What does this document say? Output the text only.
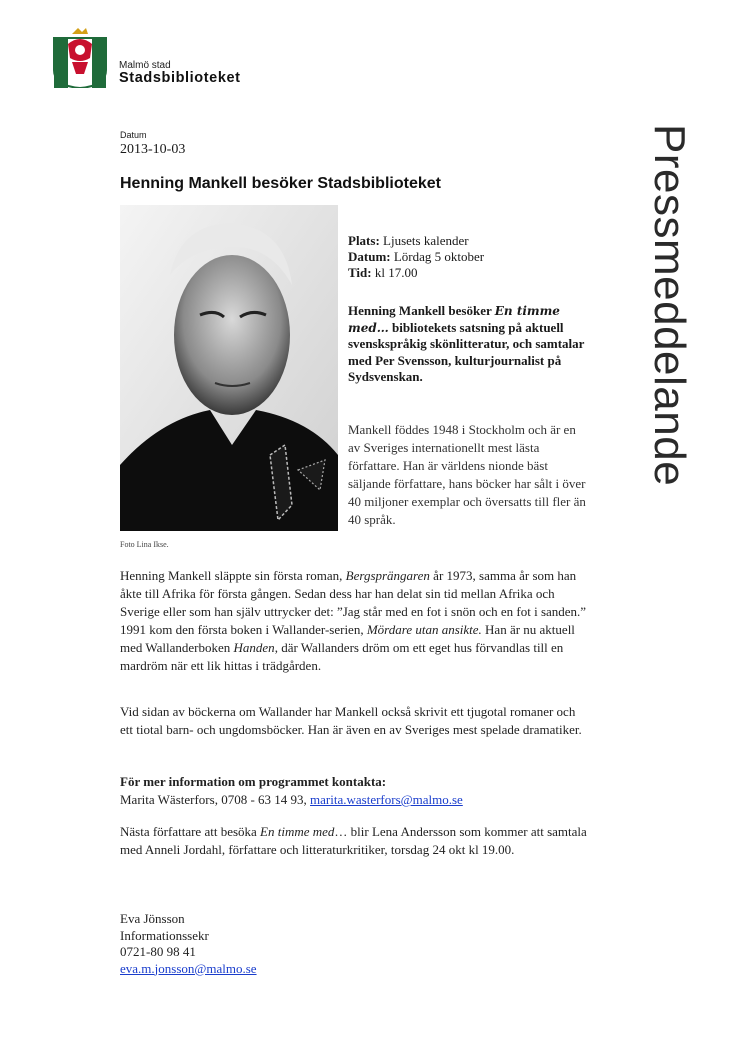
Malmö stad
Stadsbiblioteket
Pressmeddelande
Datum
2013-10-03
Henning Mankell besöker Stadsbiblioteket
Foto Lina Ikse.
Plats: Ljusets kalender
Datum: Lördag 5 oktober
Tid: kl 17.00
Henning Mankell besöker En timme med… bibliotekets satsning på aktuell svenskspråkig skönlitteratur, och samtalar med Per Svensson, kulturjournalist på Sydsvenskan.
Mankell föddes 1948 i Stockholm och är en av Sveriges internationellt mest lästa författare. Han är världens nionde bäst säljande författare, hans böcker har sålt i över 40 miljoner exemplar och översatts till fler än 40 språk.
Henning Mankell släppte sin första roman, Bergsprängaren år 1973, samma år som han åkte till Afrika för första gången. Sedan dess har han delat sin tid mellan Afrika och Sverige eller som han själv uttrycker det: ”Jag står med en fot i snön och en fot i sanden.” 1991 kom den första boken i Wallander-serien, Mördare utan ansikte. Han är nu aktuell med Wallanderboken Handen, där Wallanders dröm om ett eget hus förvandlas till en mardröm när ett lik hittas i trädgården.
Vid sidan av böckerna om Wallander har Mankell också skrivit ett tjugotal romaner och ett tiotal barn- och ungdomsböcker. Han är även en av Sveriges mest spelade dramatiker.
För mer information om programmet kontakta:
Marita Wästerfors, 0708 - 63 14 93, marita.wasterfors@malmo.se
Nästa författare att besöka En timme med… blir Lena Andersson som kommer att samtala med Anneli Jordahl, författare och litteraturkritiker, torsdag 24 okt kl 19.00.
Eva Jönsson
Informationssekr
0721-80 98 41
eva.m.jonsson@malmo.se
